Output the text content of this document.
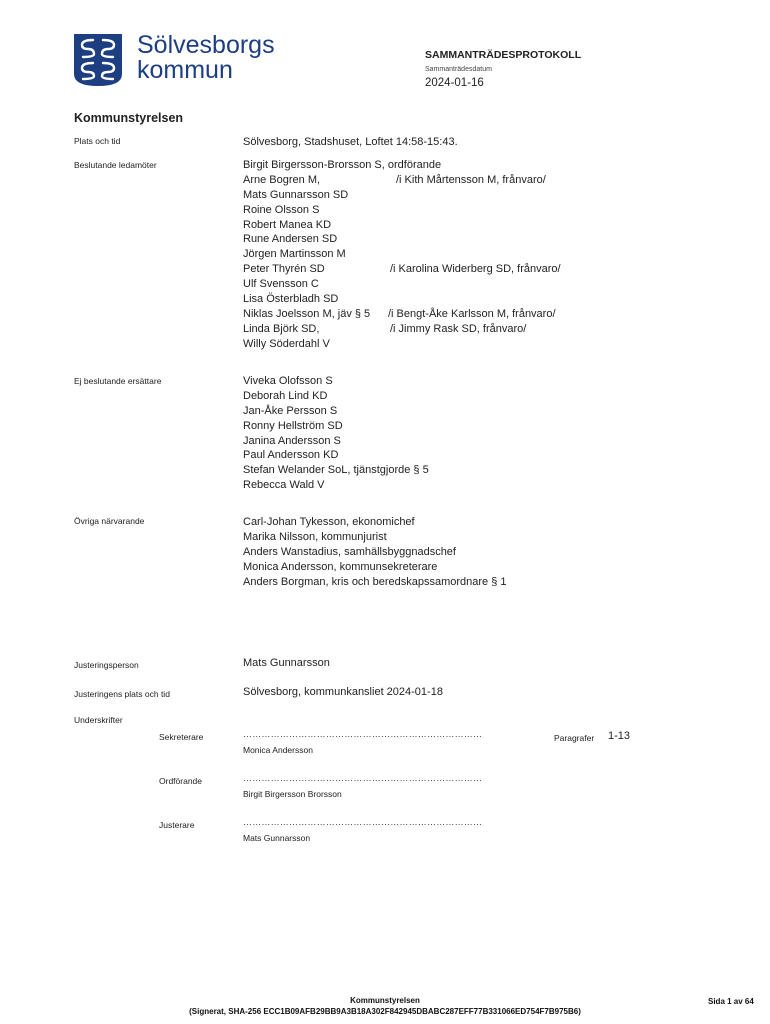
Sölvesborgs
kommun
SAMMANTRÄDESPROTOKOLL
Sammanträdesdatum
2024-01-16
Kommunstyrelsen
Plats och tid	Sölvesborg, Stadshuset, Loftet 14:58-15:43.
Beslutande ledamöter	Birgit Birgersson-Brorsson S, ordförande
Arne Bogren M,	/i Kith Mårtensson M, frånvaro/
Mats Gunnarsson SD
Roine Olsson S
Robert Manea KD
Rune Andersen SD
Jörgen Martinsson M
Peter Thyrén SD	/i Karolina Widerberg SD, frånvaro/
Ulf Svensson C
Lisa Österbladh SD
Niklas Joelsson M, jäv § 5 /i Bengt-Åke Karlsson M, frånvaro/
Linda Björk SD,	/i Jimmy Rask SD, frånvaro/
Willy Söderdahl V
Ej beslutande ersättare	Viveka Olofsson S
Deborah Lind KD
Jan-Åke Persson S
Ronny Hellström SD
Janina Andersson S
Paul Andersson KD
Stefan Welander SoL, tjänstgjorde § 5
Rebecca Wald V
Övriga närvarande	Carl-Johan Tykesson, ekonomichef
Marika Nilsson, kommunjurist
Anders Wanstadius, samhällsbyggnadschef
Monica Andersson, kommunsekreterare
Anders Borgman, kris och beredskapssamordnare § 1
Justeringsperson	Mats Gunnarsson
Justeringens plats och tid	Sölvesborg, kommunkansliet 2024-01-18
Underskrifter
Sekreterare	……………………………………………………………………
Monica Andersson
Paragrafer 1-13
Ordförande	……………………………………………………………………
Birgit Birgersson Brorsson
Justerare	……………………………………………………………………
Mats Gunnarsson
Kommunstyrelsen
(Signerat, SHA-256 ECC1B09AFB29BB9A3B18A302F842945DBABC287EFF77B331066ED754F7B975B6)
Sida 1 av 64
